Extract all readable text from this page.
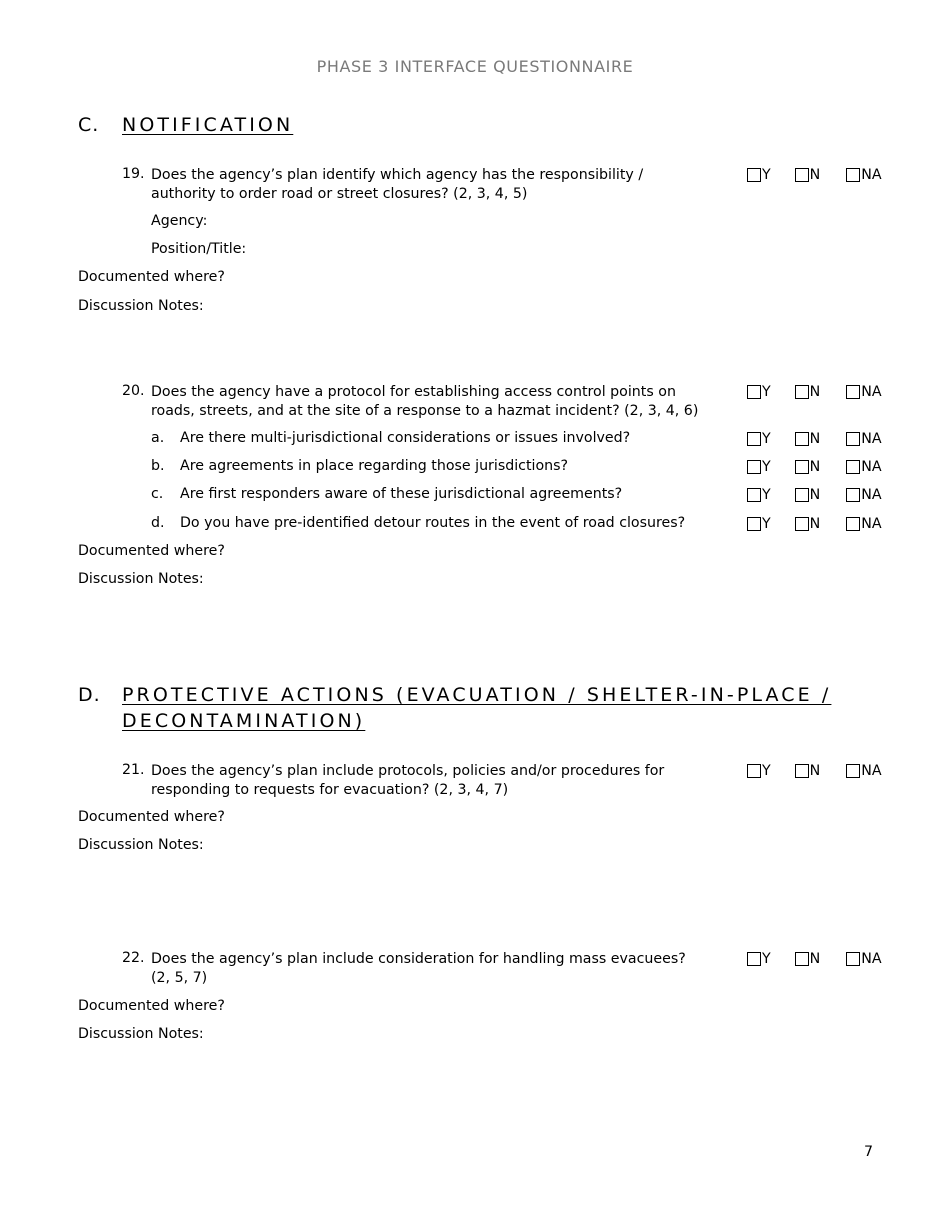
PHASE 3 INTERFACE QUESTIONNAIRE
C. NOTIFICATION
19. Does the agency’s plan identify which agency has the responsibility /
authority to order road or street closures? (2, 3, 4, 5)
Y	N	NA
Agency:
Position/Title:
Documented where?
Discussion Notes:
20. Does the agency have a protocol for establishing access control points on
roads, streets, and at the site of a response to a hazmat incident? (2, 3, 4, 6)
Y	N	NA
a. Are there multi-jurisdictional considerations or issues involved?	Y	N	NA
b. Are agreements in place regarding those jurisdictions?	Y	N	NA
c. Are first responders aware of these jurisdictional agreements?	Y	N	NA
d. Do you have pre-identified detour routes in the event of road closures?	Y	N	NA
Documented where?
Discussion Notes:
D. PROTECTIVE ACTIONS (EVACUATION / SHELTER-IN-PLACE /
DECONTAMINATION)
21. Does the agency’s plan include protocols, policies and/or procedures for
responding to requests for evacuation? (2, 3, 4, 7)
Y	N	NA
Documented where?
Discussion Notes:
22. Does the agency’s plan include consideration for handling mass evacuees?
(2, 5, 7)
Y	N	NA
Documented where?
Discussion Notes:
7
